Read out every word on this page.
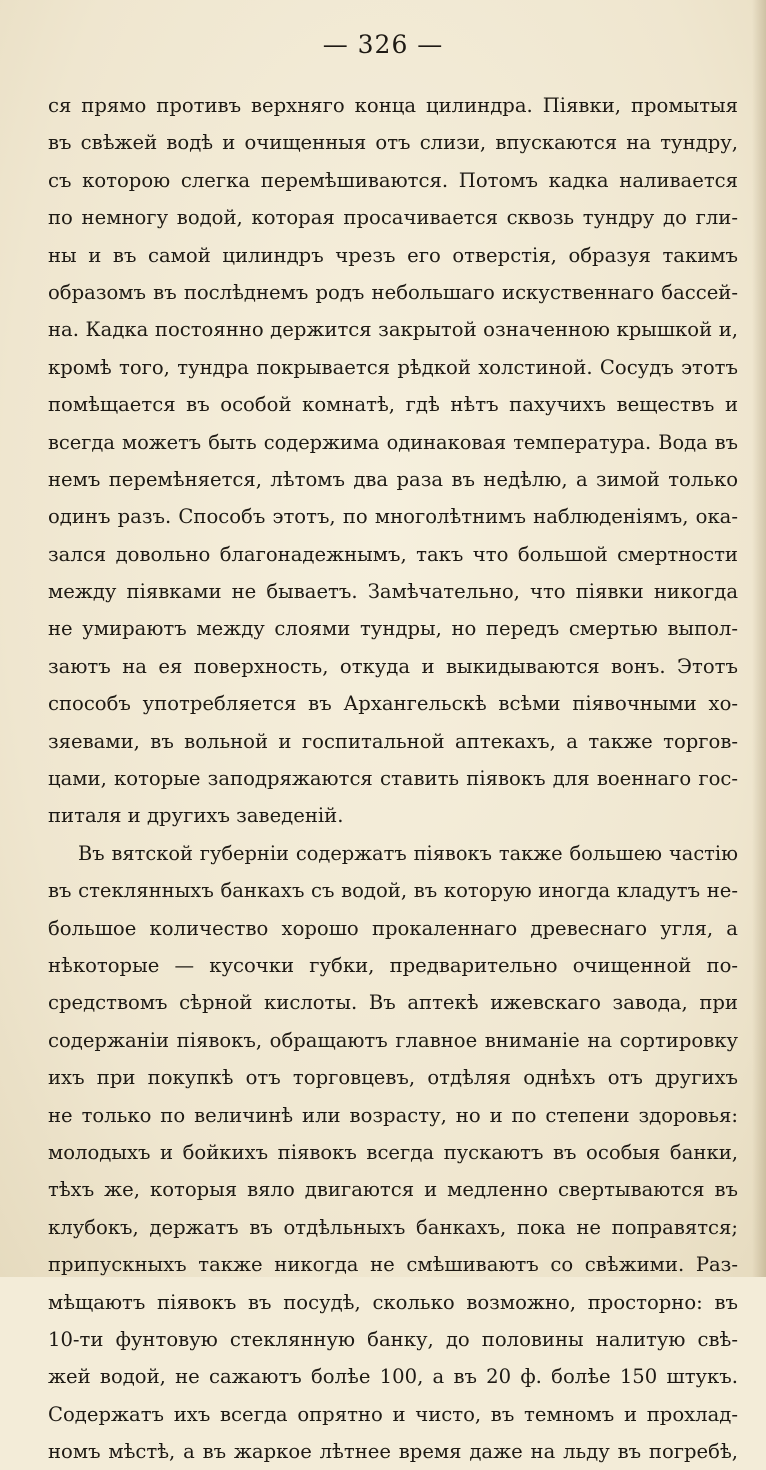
— 326 —
ся прямо противъ верхняго конца цилиндра. Піявки, промытыя
въ свѣжей водѣ и очищенныя отъ слизи, впускаются на тундру,
съ которою слегка перемѣшиваются. Потомъ кадка наливается
по немногу водой, которая просачивается сквозь тундру до гли-
ны и въ самой цилиндръ чрезъ его отверстія, образуя такимъ
образомъ въ послѣднемъ родъ небольшаго искуственнаго бассей-
на. Кадка постоянно держится закрытой означенною крышкой и,
кромѣ того, тундра покрывается рѣдкой холстиной. Сосудъ этотъ
помѣщается въ особой комнатѣ, гдѣ нѣтъ пахучихъ веществъ и
всегда можетъ быть содержима одинаковая температура. Вода въ
немъ перемѣняется, лѣтомъ два раза въ недѣлю, а зимой только
одинъ разъ. Способъ этотъ, по многолѣтнимъ наблюденіямъ, ока-
зался довольно благонадежнымъ, такъ что большой смертности
между піявками не бываетъ. Замѣчательно, что піявки никогда
не умираютъ между слоями тундры, но передъ смертью выпол-
заютъ на ея поверхность, откуда и выкидываются вонъ. Этотъ
способъ употребляется въ Архангельскѣ всѣми піявочными хо-
зяевами, въ вольной и госпитальной аптекахъ, а также торгов-
цами, которые заподряжаются ставить піявокъ для военнаго гос-
питаля и другихъ заведеній.
Въ вятской губерніи содержатъ піявокъ также большею частію
въ стеклянныхъ банкахъ съ водой, въ которую иногда кладутъ не-
большое количество хорошо прокаленнаго древеснаго угля, а
нѣкоторые — кусочки губки, предварительно очищенной по-
средствомъ сѣрной кислоты. Въ аптекѣ ижевскаго завода, при
содержаніи піявокъ, обращаютъ главное вниманіе на сортировку
ихъ при покупкѣ отъ торговцевъ, отдѣляя однѣхъ отъ другихъ
не только по величинѣ или возрасту, но и по степени здоровья:
молодыхъ и бойкихъ піявокъ всегда пускаютъ въ особыя банки,
тѣхъ же, которыя вяло двигаются и медленно свертываются въ
клубокъ, держатъ въ отдѣльныхъ банкахъ, пока не поправятся;
припускныхъ также никогда не смѣшиваютъ со свѣжими. Раз-
мѣщаютъ піявокъ въ посудѣ, сколько возможно, просторно: въ
10-ти фунтовую стеклянную банку, до половины налитую свѣ-
жей водой, не сажаютъ болѣе 100, а въ 20 ф. болѣе 150 штукъ.
Содержатъ ихъ всегда опрятно и чисто, въ темномъ и прохлад-
номъ мѣстѣ, а въ жаркое лѣтнее время даже на льду въ погребѣ,
